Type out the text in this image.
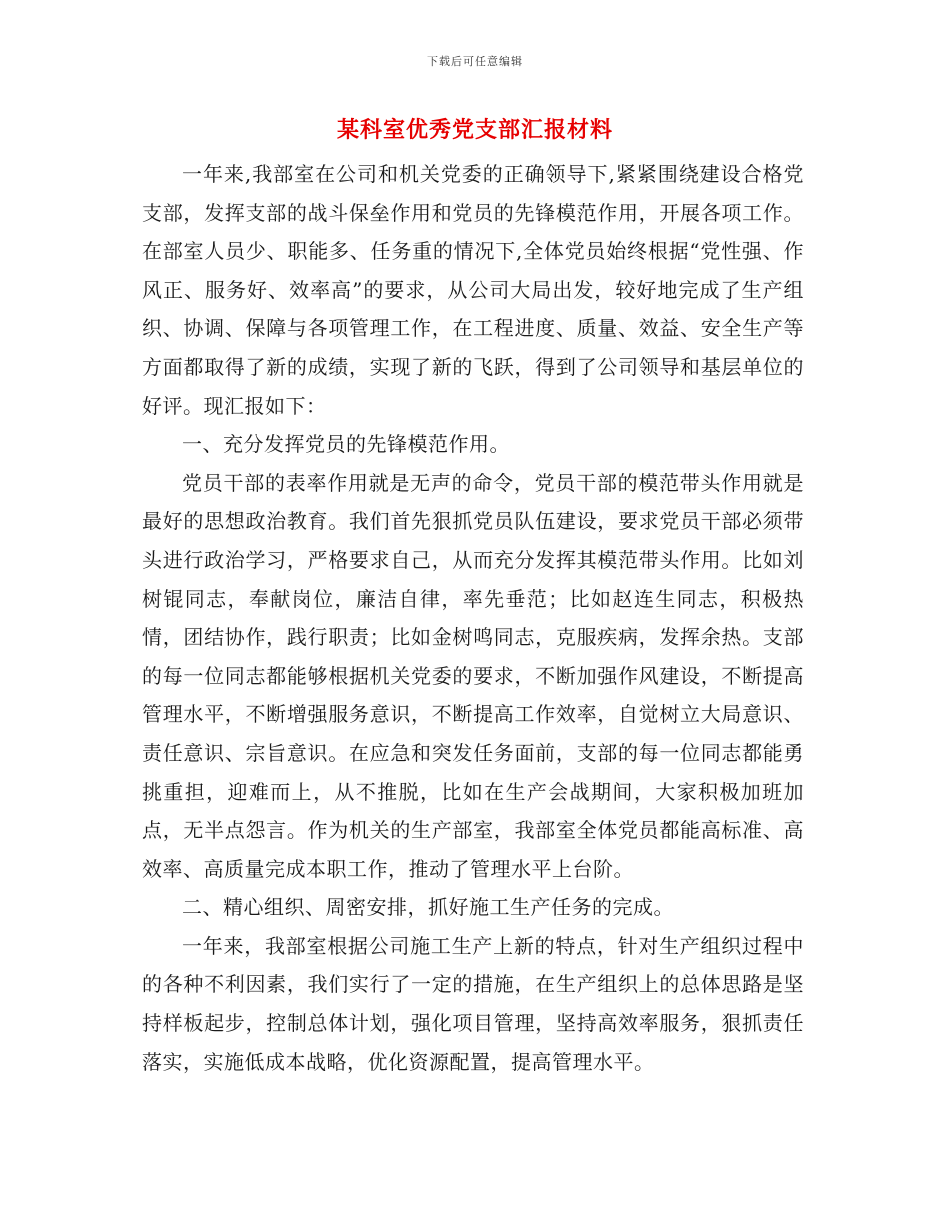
下载后可任意编辑
某科室优秀党支部汇报材料

一年来,我部室在公司和机关党委的正确领导下,紧紧围绕建设合格党支部，发挥支部的战斗保垒作用和党员的先锋模范作用，开展各项工作。在部室人员少、职能多、任务重的情况下,全体党员始终根据“党性强、作风正、服务好、效率高”的要求，从公司大局出发，较好地完成了生产组织、协调、保障与各项管理工作，在工程进度、质量、效益、安全生产等方面都取得了新的成绩，实现了新的飞跃，得到了公司领导和基层单位的好评。现汇报如下：

一、充分发挥党员的先锋模范作用。

党员干部的表率作用就是无声的命令，党员干部的模范带头作用就是最好的思想政治教育。我们首先狠抓党员队伍建设，要求党员干部必须带头进行政治学习，严格要求自己，从而充分发挥其模范带头作用。比如刘树锟同志，奉献岗位，廉洁自律，率先垂范；比如赵连生同志，积极热情，团结协作，践行职责；比如金树鸣同志，克服疾病，发挥余热。支部的每一位同志都能够根据机关党委的要求，不断加强作风建设，不断提高管理水平，不断增强服务意识，不断提高工作效率，自觉树立大局意识、责任意识、宗旨意识。在应急和突发任务面前，支部的每一位同志都能勇挑重担，迎难而上，从不推脱，比如在生产会战期间，大家积极加班加点，无半点怨言。作为机关的生产部室，我部室全体党员都能高标准、高效率、高质量完成本职工作，推动了管理水平上台阶。

二、精心组织、周密安排，抓好施工生产任务的完成。

一年来，我部室根据公司施工生产上新的特点，针对生产组织过程中的各种不利因素，我们实行了一定的措施，在生产组织上的总体思路是坚持样板起步，控制总体计划，强化项目管理，坚持高效率服务，狠抓责任落实，实施低成本战略，优化资源配置，提高管理水平。
